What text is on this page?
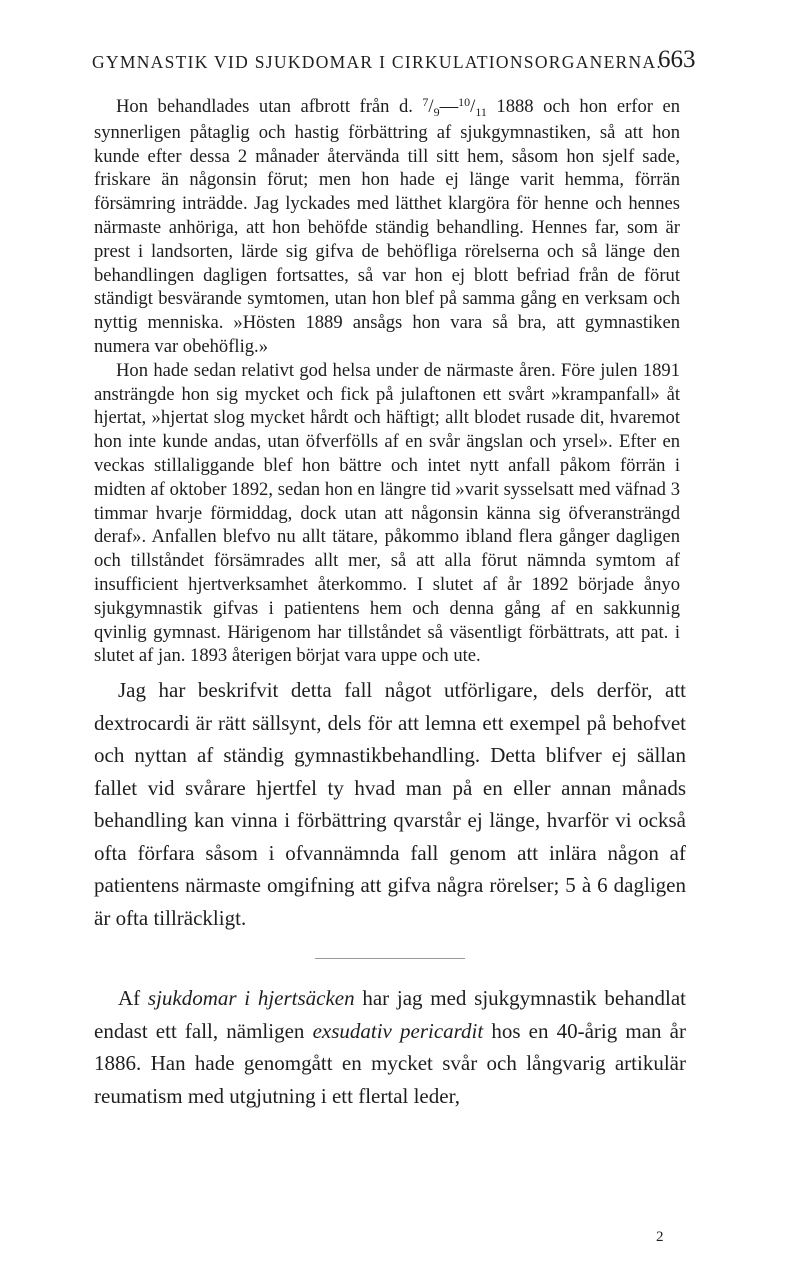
GYMNASTIK VID SJUKDOMAR I CIRKULATIONSORGANERNA.
663

Hon behandlades utan afbrott från d. $^7/_9—^{10}/_{11}$ 1888 och hon erfor en synnerligen påtaglig och hastig förbättring af sjukgymnastiken, så att hon kunde efter dessa 2 månader återvända till sitt hem, såsom hon sjelf sade, friskare än någonsin förut; men hon hade ej länge varit hemma, förrän försämring inträdde. Jag lyckades med lätthet klargöra för henne och hennes närmaste anhöriga, att hon behöfde ständig behandling. Hennes far, som är prest i landsorten, lärde sig gifva de behöfliga rörelserna och så länge den behandlingen dagligen fortsattes, så var hon ej blott befriad från de förut ständigt besvärande symtomen, utan hon blef på samma gång en verksam och nyttig menniska. »Hösten 1889 ansågs hon vara så bra, att gymnastiken numera var obehöflig.»

Hon hade sedan relativt god helsa under de närmaste åren. Före julen 1891 ansträngde hon sig mycket och fick på julaftonen ett svårt »krampanfall» åt hjertat, »hjertat slog mycket hårdt och häftigt; allt blodet rusade dit, hvaremot hon inte kunde andas, utan öfverfölls af en svår ängslan och yrsel». Efter en veckas stillaliggande blef hon bättre och intet nytt anfall påkom förrän i midten af oktober 1892, sedan hon en längre tid »varit sysselsatt med väfnad 3 timmar hvarje förmiddag, dock utan att någonsin känna sig öfveransträngd deraf». Anfallen blefvo nu allt tätare, påkommo ibland flera gånger dagligen och tillståndet försämrades allt mer, så att alla förut nämnda symtom af insufficient hjertverksamhet återkommo. I slutet af år 1892 började ånyo sjukgymnastik gifvas i patientens hem och denna gång af en sakkunnig qvinlig gymnast. Härigenom har tillståndet så väsentligt förbättrats, att pat. i slutet af jan. 1893 återigen börjat vara uppe och ute.

Jag har beskrifvit detta fall något utförligare, dels derför, att dextrocardi är rätt sällsynt, dels för att lemna ett exempel på behofvet och nyttan af ständig gymnastikbehandling. Detta blifver ej sällan fallet vid svårare hjertfel ty hvad man på en eller annan månads behandling kan vinna i förbättring qvarstår ej länge, hvarför vi också ofta förfara såsom i ofvannämnda fall genom att inlära någon af patientens närmaste omgifning att gifva några rörelser; 5 à 6 dagligen är ofta tillräckligt.

Af sjukdomar i hjertsäcken har jag med sjukgymnastik behandlat endast ett fall, nämligen exsudativ pericardit hos en 40-årig man år 1886. Han hade genomgått en mycket svår och långvarig artikulär reumatism med utgjutning i ett flertal leder,

2
